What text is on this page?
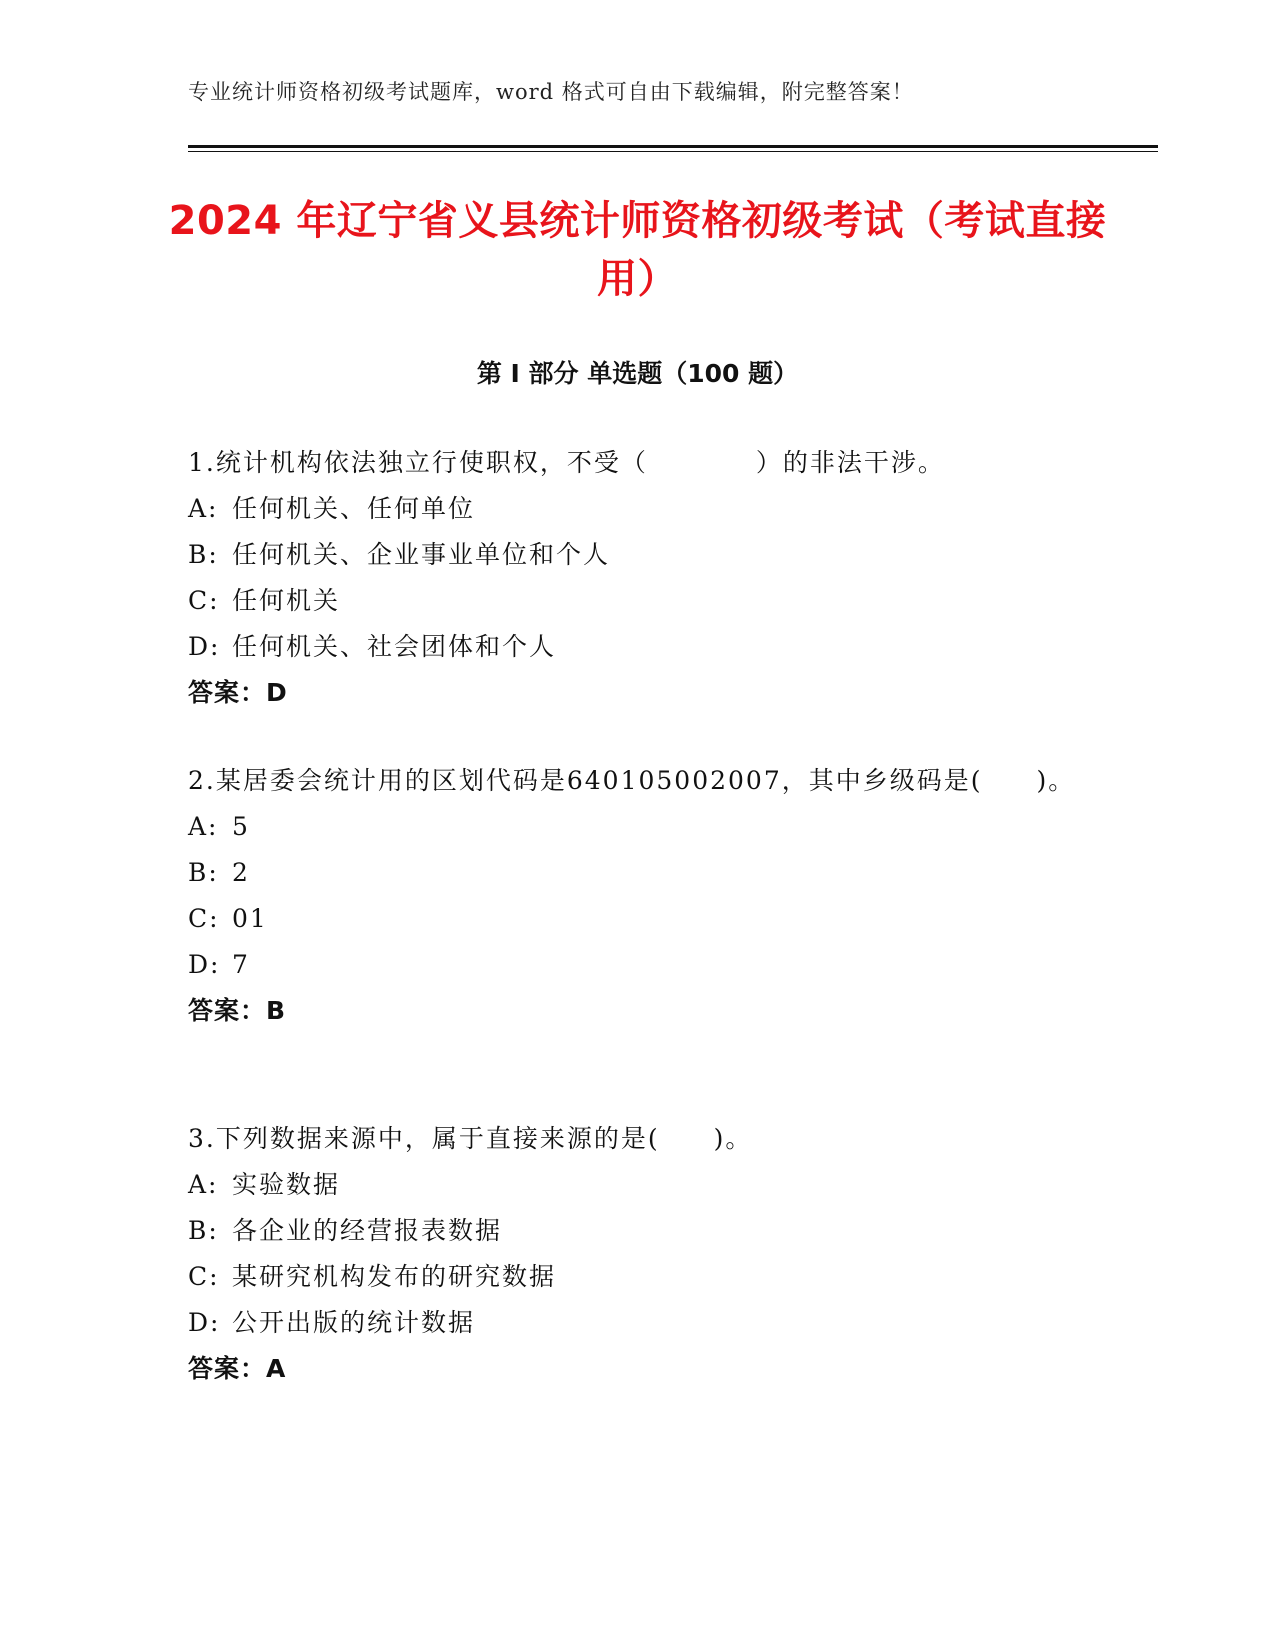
专业统计师资格初级考试题库，word 格式可自由下载编辑，附完整答案！
2024 年辽宁省义县统计师资格初级考试（考试直接用）
第 I 部分 单选题（100 题）
1.统计机构依法独立行使职权，不受（　　　　）的非法干涉。
A: 任何机关、任何单位
B: 任何机关、企业事业单位和个人
C: 任何机关
D: 任何机关、社会团体和个人
答案：D
2.某居委会统计用的区划代码是640105002007，其中乡级码是(　　)。
A: 5
B: 2
C: 01
D: 7
答案：B
3.下列数据来源中，属于直接来源的是(　　)。
A: 实验数据
B: 各企业的经营报表数据
C: 某研究机构发布的研究数据
D: 公开出版的统计数据
答案：A
